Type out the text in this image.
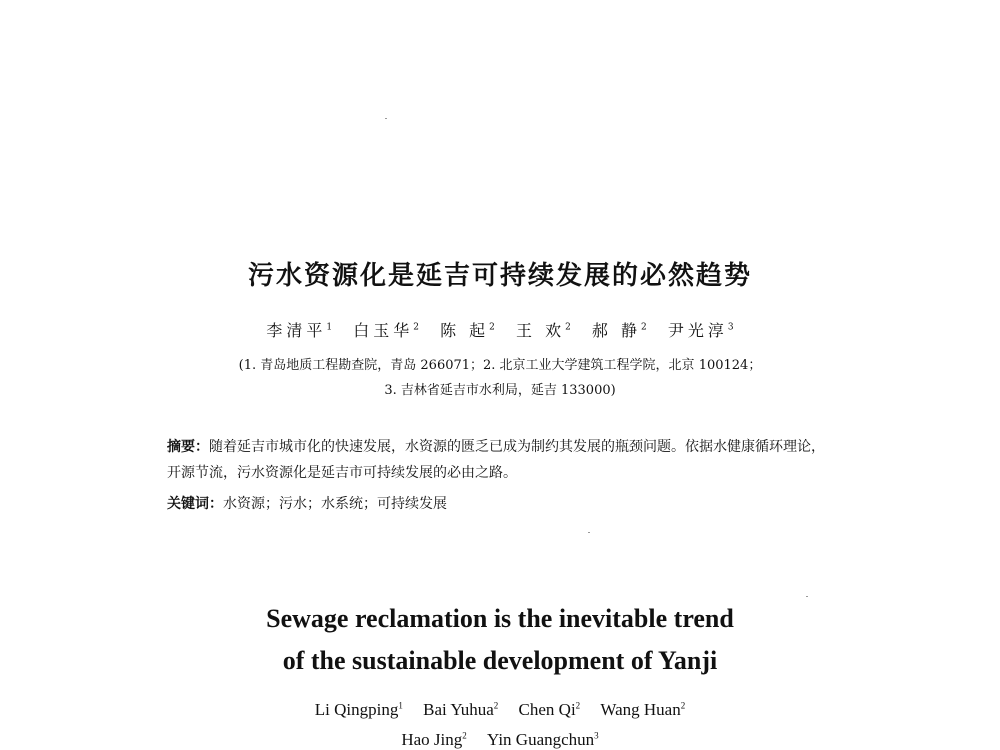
污水资源化是延吉可持续发展的必然趋势

李清平$^1$ 白玉华$^2$ 陈 起$^2$ 王 欢$^2$ 郝 静$^2$ 尹光淳$^3$

(1. 青岛地质工程勘查院，青岛 266071；2. 北京工业大学建筑工程学院，北京 100124；

3. 吉林省延吉市水利局，延吉 133000)

摘要：随着延吉市城市化的快速发展，水资源的匮乏已成为制约其发展的瓶颈问题。依据水健康循环理论，开源节流，污水资源化是延吉市可持续发展的必由之路。

关键词：水资源；污水；水系统；可持续发展

Sewage reclamation is the inevitable trend
of the sustainable development of Yanji

Li Qingping$^1$ Bai Yuhua$^2$ Chen Qi$^2$ Wang Huan$^2$

Hao Jing$^2$ Yin Guangchun$^3$
